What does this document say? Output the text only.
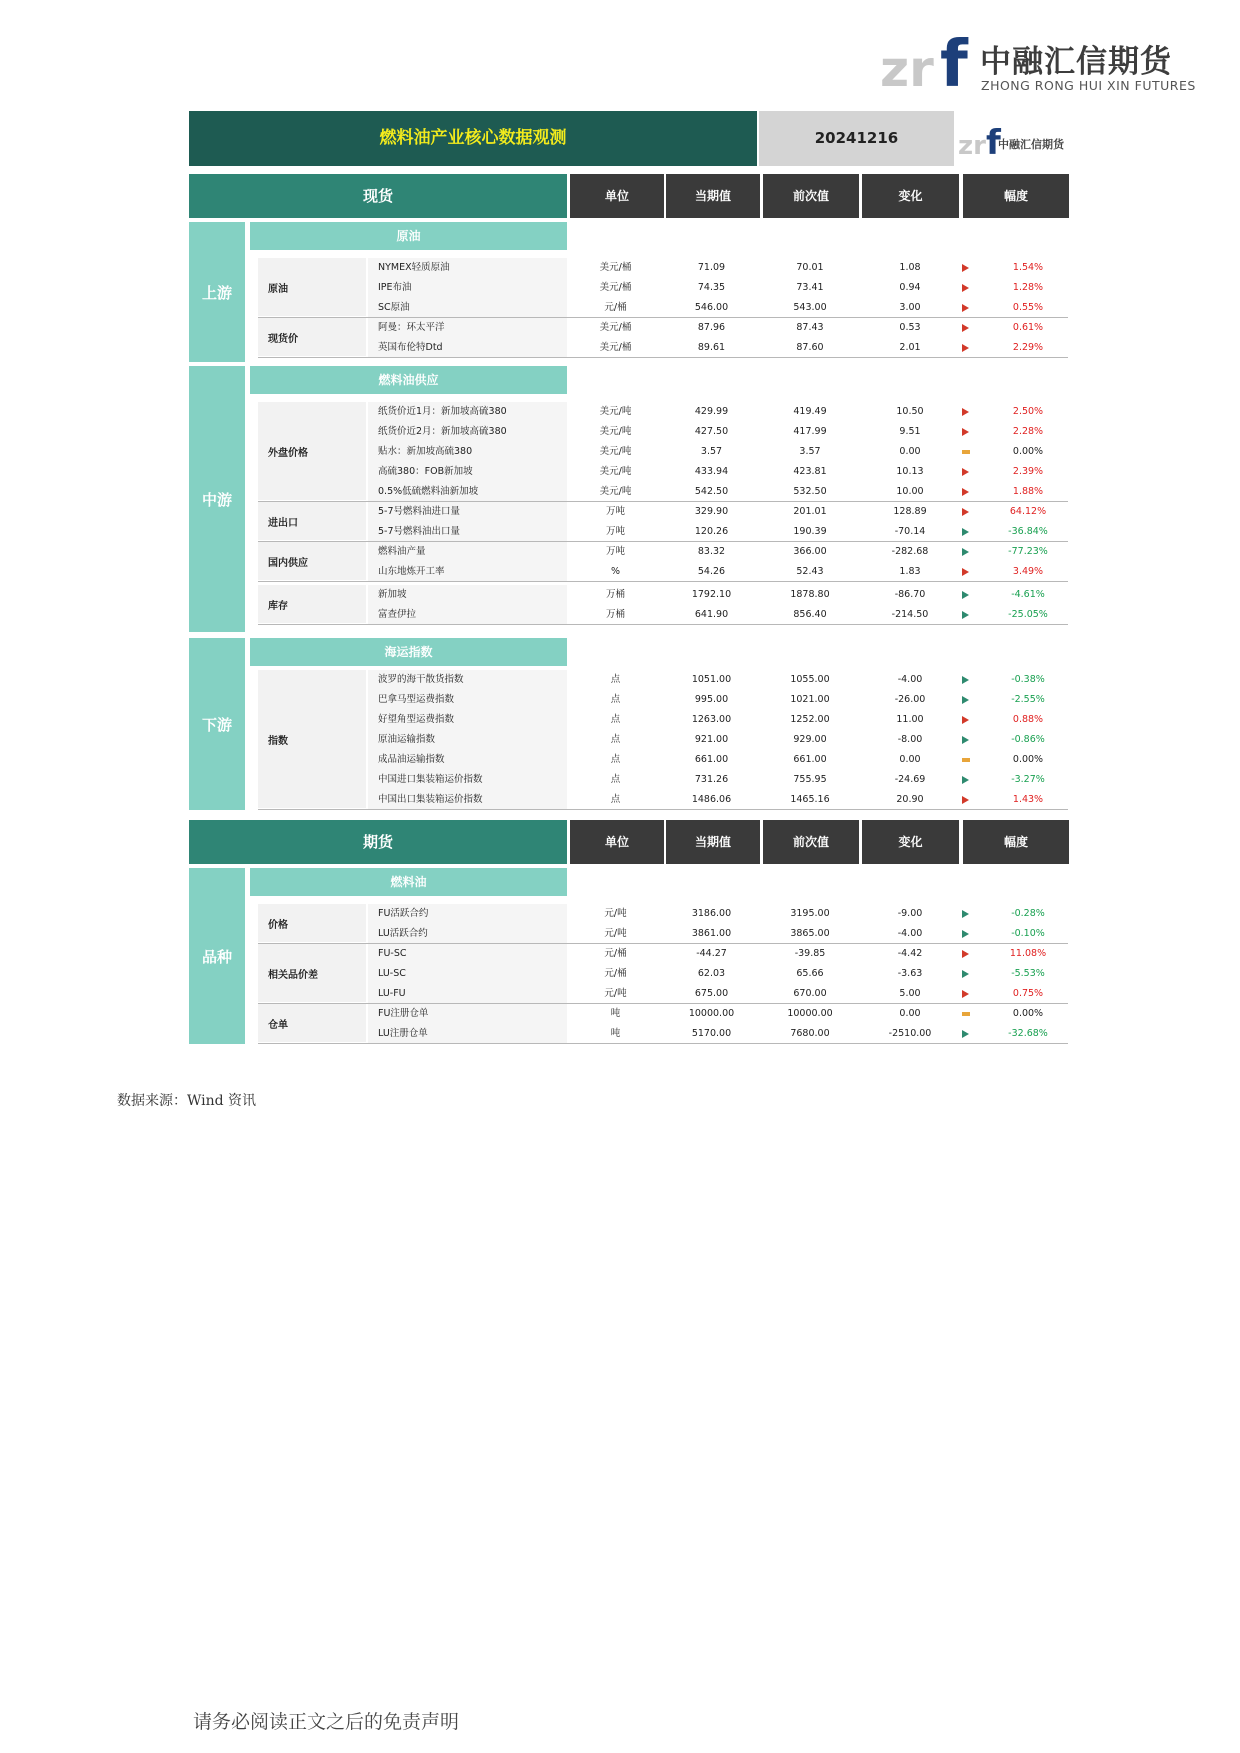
zr f 中融汇信期货
ZHONG RONG HUI XIN FUTURES
燃料油产业核心数据观测	20241216	zr f
中融汇信期货
现货	单位	当期值	前次值	变化	幅度
上游
原油
原油
NYMEX轻质原油	美元/桶	71.09	70.01	1.08	1.54%
IPE布油	美元/桶	74.35	73.41	0.94	1.28%
SC原油	元/桶	546.00	543.00	3.00	0.55%
现货价
阿曼：环太平洋	美元/桶	87.96	87.43	0.53	0.61%
英国布伦特Dtd	美元/桶	89.61	87.60	2.01	2.29%
中游
燃料油供应
外盘价格
纸货价近1月：新加坡高硫380	美元/吨	429.99	419.49	10.50	2.50%
纸货价近2月：新加坡高硫380	美元/吨	427.50	417.99	9.51	2.28%
贴水：新加坡高硫380	美元/吨	3.57	3.57	0.00	0.00%
高硫380：FOB新加坡	美元/吨	433.94	423.81	10.13	2.39%
0.5%低硫燃料油新加坡	美元/吨	542.50	532.50	10.00	1.88%
进出口
5-7号燃料油进口量	万吨	329.90	201.01	128.89	64.12%
5-7号燃料油出口量	万吨	120.26	190.39	-70.14	-36.84%
国内供应
燃料油产量	万吨	83.32	366.00	-282.68	-77.23%
山东地炼开工率	%	54.26	52.43	1.83	3.49%
库存
新加坡	万桶	1792.10	1878.80	-86.70	-4.61%
富查伊拉	万桶	641.90	856.40	-214.50	-25.05%
下游
海运指数
指数
波罗的海干散货指数	点	1051.00	1055.00	-4.00	-0.38%
巴拿马型运费指数	点	995.00	1021.00	-26.00	-2.55%
好望角型运费指数	点	1263.00	1252.00	11.00	0.88%
原油运输指数	点	921.00	929.00	-8.00	-0.86%
成品油运输指数	点	661.00	661.00	0.00	0.00%
中国进口集装箱运价指数	点	731.26	755.95	-24.69	-3.27%
中国出口集装箱运价指数	点	1486.06	1465.16	20.90	1.43%
期货	单位	当期值	前次值	变化	幅度
品种
燃料油
价格
FU活跃合约	元/吨	3186.00	3195.00	-9.00	-0.28%
LU活跃合约	元/吨	3861.00	3865.00	-4.00	-0.10%
相关品价差
FU-SC	元/桶	-44.27	-39.85	-4.42	11.08%
LU-SC	元/桶	62.03	65.66	-3.63	-5.53%
LU-FU	元/吨	675.00	670.00	5.00	0.75%
仓单
FU注册仓单	吨	10000.00	10000.00	0.00	0.00%
LU注册仓单	吨	5170.00	7680.00	-2510.00	-32.68%
数据来源：Wind 资讯
请务必阅读正文之后的免责声明
